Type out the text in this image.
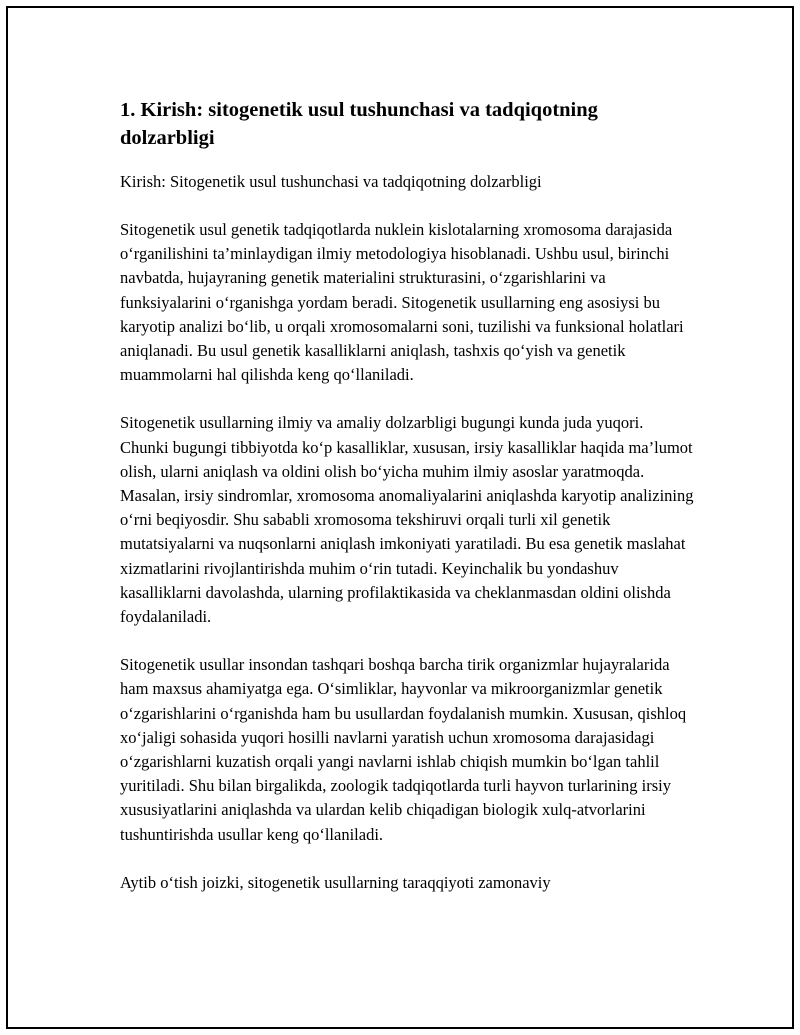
1. Kirish: sitogenetik usul tushunchasi va tadqiqotning dolzarbligi

Kirish: Sitogenetik usul tushunchasi va tadqiqotning dolzarbligi

Sitogenetik usul genetik tadqiqotlarda nuklein kislotalarning xromosoma darajasida o‘rganilishini ta’minlaydigan ilmiy metodologiya hisoblanadi. Ushbu usul, birinchi navbatda, hujayraning genetik materialini strukturasini, o‘zgarishlarini va funksiyalarini o‘rganishga yordam beradi. Sitogenetik usullarning eng asosiysi bu karyotip analizi bo‘lib, u orqali xromosomalarni soni, tuzilishi va funksional holatlari aniqlanadi. Bu usul genetik kasalliklarni aniqlash, tashxis qo‘yish va genetik muammolarni hal qilishda keng qo‘llaniladi.

Sitogenetik usullarning ilmiy va amaliy dolzarbligi bugungi kunda juda yuqori. Chunki bugungi tibbiyotda ko‘p kasalliklar, xususan, irsiy kasalliklar haqida ma’lumot olish, ularni aniqlash va oldini olish bo‘yicha muhim ilmiy asoslar yaratmoqda. Masalan, irsiy sindromlar, xromosoma anomaliyalarini aniqlashda karyotip analizining o‘rni beqiyosdir. Shu sababli xromosoma tekshiruvi orqali turli xil genetik mutatsiyalarni va nuqsonlarni aniqlash imkoniyati yaratiladi. Bu esa genetik maslahat xizmatlarini rivojlantirishda muhim o‘rin tutadi. Keyinchalik bu yondashuv kasalliklarni davolashda, ularning profilaktikasida va cheklanmasdan oldini olishda foydalaniladi.

Sitogenetik usullar insondan tashqari boshqa barcha tirik organizmlar hujayralarida ham maxsus ahamiyatga ega. O‘simliklar, hayvonlar va mikroorganizmlar genetik o‘zgarishlarini o‘rganishda ham bu usullardan foydalanish mumkin. Xususan, qishloq xo‘jaligi sohasida yuqori hosilli navlarni yaratish uchun xromosoma darajasidagi o‘zgarishlarni kuzatish orqali yangi navlarni ishlab chiqish mumkin bo‘lgan tahlil yuritiladi. Shu bilan birgalikda, zoologik tadqiqotlarda turli hayvon turlarining irsiy xususiyatlarini aniqlashda va ulardan kelib chiqadigan biologik xulq-atvorlarini tushuntirishda usullar keng qo‘llaniladi.

Aytib o‘tish joizki, sitogenetik usullarning taraqqiyoti zamonaviy
